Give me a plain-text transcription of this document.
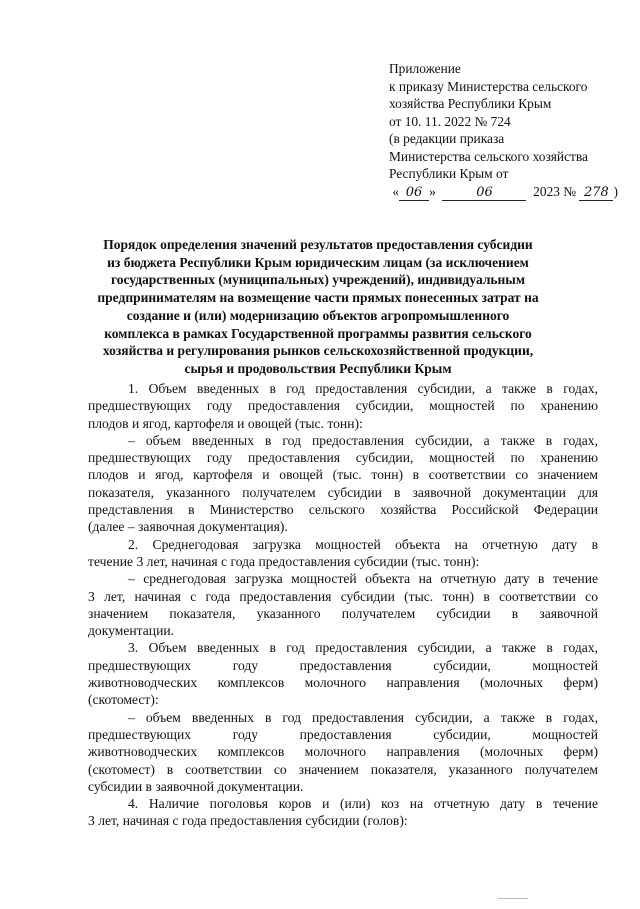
Приложение
к приказу Министерства сельского
хозяйства Республики Крым
от 10. 11. 2022 № 724
(в редакции приказа
Министерства сельского хозяйства
Республики Крым от
« 06 »	06	2023 № 278 )
Порядок определения значений результатов предоставления субсидии
из бюджета Республики Крым юридическим лицам (за исключением
государственных (муниципальных) учреждений), индивидуальным
предпринимателям на возмещение части прямых понесенных затрат на
создание и (или) модернизацию объектов агропромышленного
комплекса в рамках Государственной программы развития сельского
хозяйства и регулирования рынков сельскохозяйственной продукции,
сырья и продовольствия Республики Крым
1. Объем введенных в год предоставления субсидии, а также в годах,
предшествующих году предоставления субсидии, мощностей по хранению
плодов и ягод, картофеля и овощей (тыс. тонн):
– объем введенных в год предоставления субсидии, а также в годах,
предшествующих году предоставления субсидии, мощностей по хранению
плодов и ягод, картофеля и овощей (тыс. тонн) в соответствии со значением
показателя, указанного получателем субсидии в заявочной документации для
представления в Министерство сельского хозяйства Российской Федерации
(далее – заявочная документация).
2. Среднегодовая загрузка мощностей объекта на отчетную дату в
течение 3 лет, начиная с года предоставления субсидии (тыс. тонн):
– среднегодовая загрузка мощностей объекта на отчетную дату в течение
3 лет, начиная с года предоставления субсидии (тыс. тонн) в соответствии со
значением показателя, указанного получателем субсидии в заявочной
документации.
3. Объем введенных в год предоставления субсидии, а также в годах,
предшествующих году предоставления субсидии, мощностей
животноводческих комплексов молочного направления (молочных ферм)
(скотомест):
– объем введенных в год предоставления субсидии, а также в годах,
предшествующих году предоставления субсидии, мощностей
животноводческих комплексов молочного направления (молочных ферм)
(скотомест) в соответствии со значением показателя, указанного получателем
субсидии в заявочной документации.
4. Наличие поголовья коров и (или) коз на отчетную дату в течение
3 лет, начиная с года предоставления субсидии (голов):
